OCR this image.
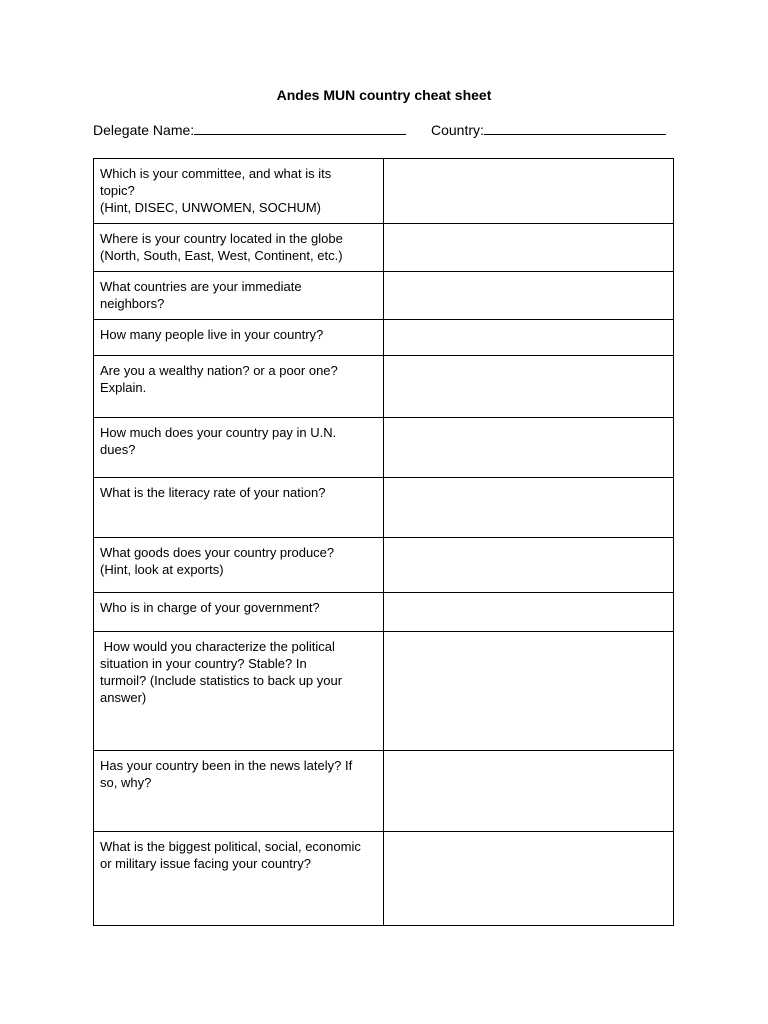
Andes MUN country cheat sheet
Delegate Name:	Country:
Which is your committee, and what is its
topic?
(Hint, DISEC, UNWOMEN, SOCHUM)	

Where is your country located in the globe
(North, South, East, West, Continent, etc.)	

What countries are your immediate
neighbors?	

How many people live in your country?	

Are you a wealthy nation? or a poor one?
Explain.	

How much does your country pay in U.N.
dues?	

What is the literacy rate of your nation?	

What goods does your country produce?
(Hint, look at exports)	

Who is in charge of your government?	

How would you characterize the political
situation in your country? Stable? In
turmoil? (Include statistics to back up your
answer)	

Has your country been in the news lately? If
so, why?	

What is the biggest political, social, economic
or military issue facing your country?	
